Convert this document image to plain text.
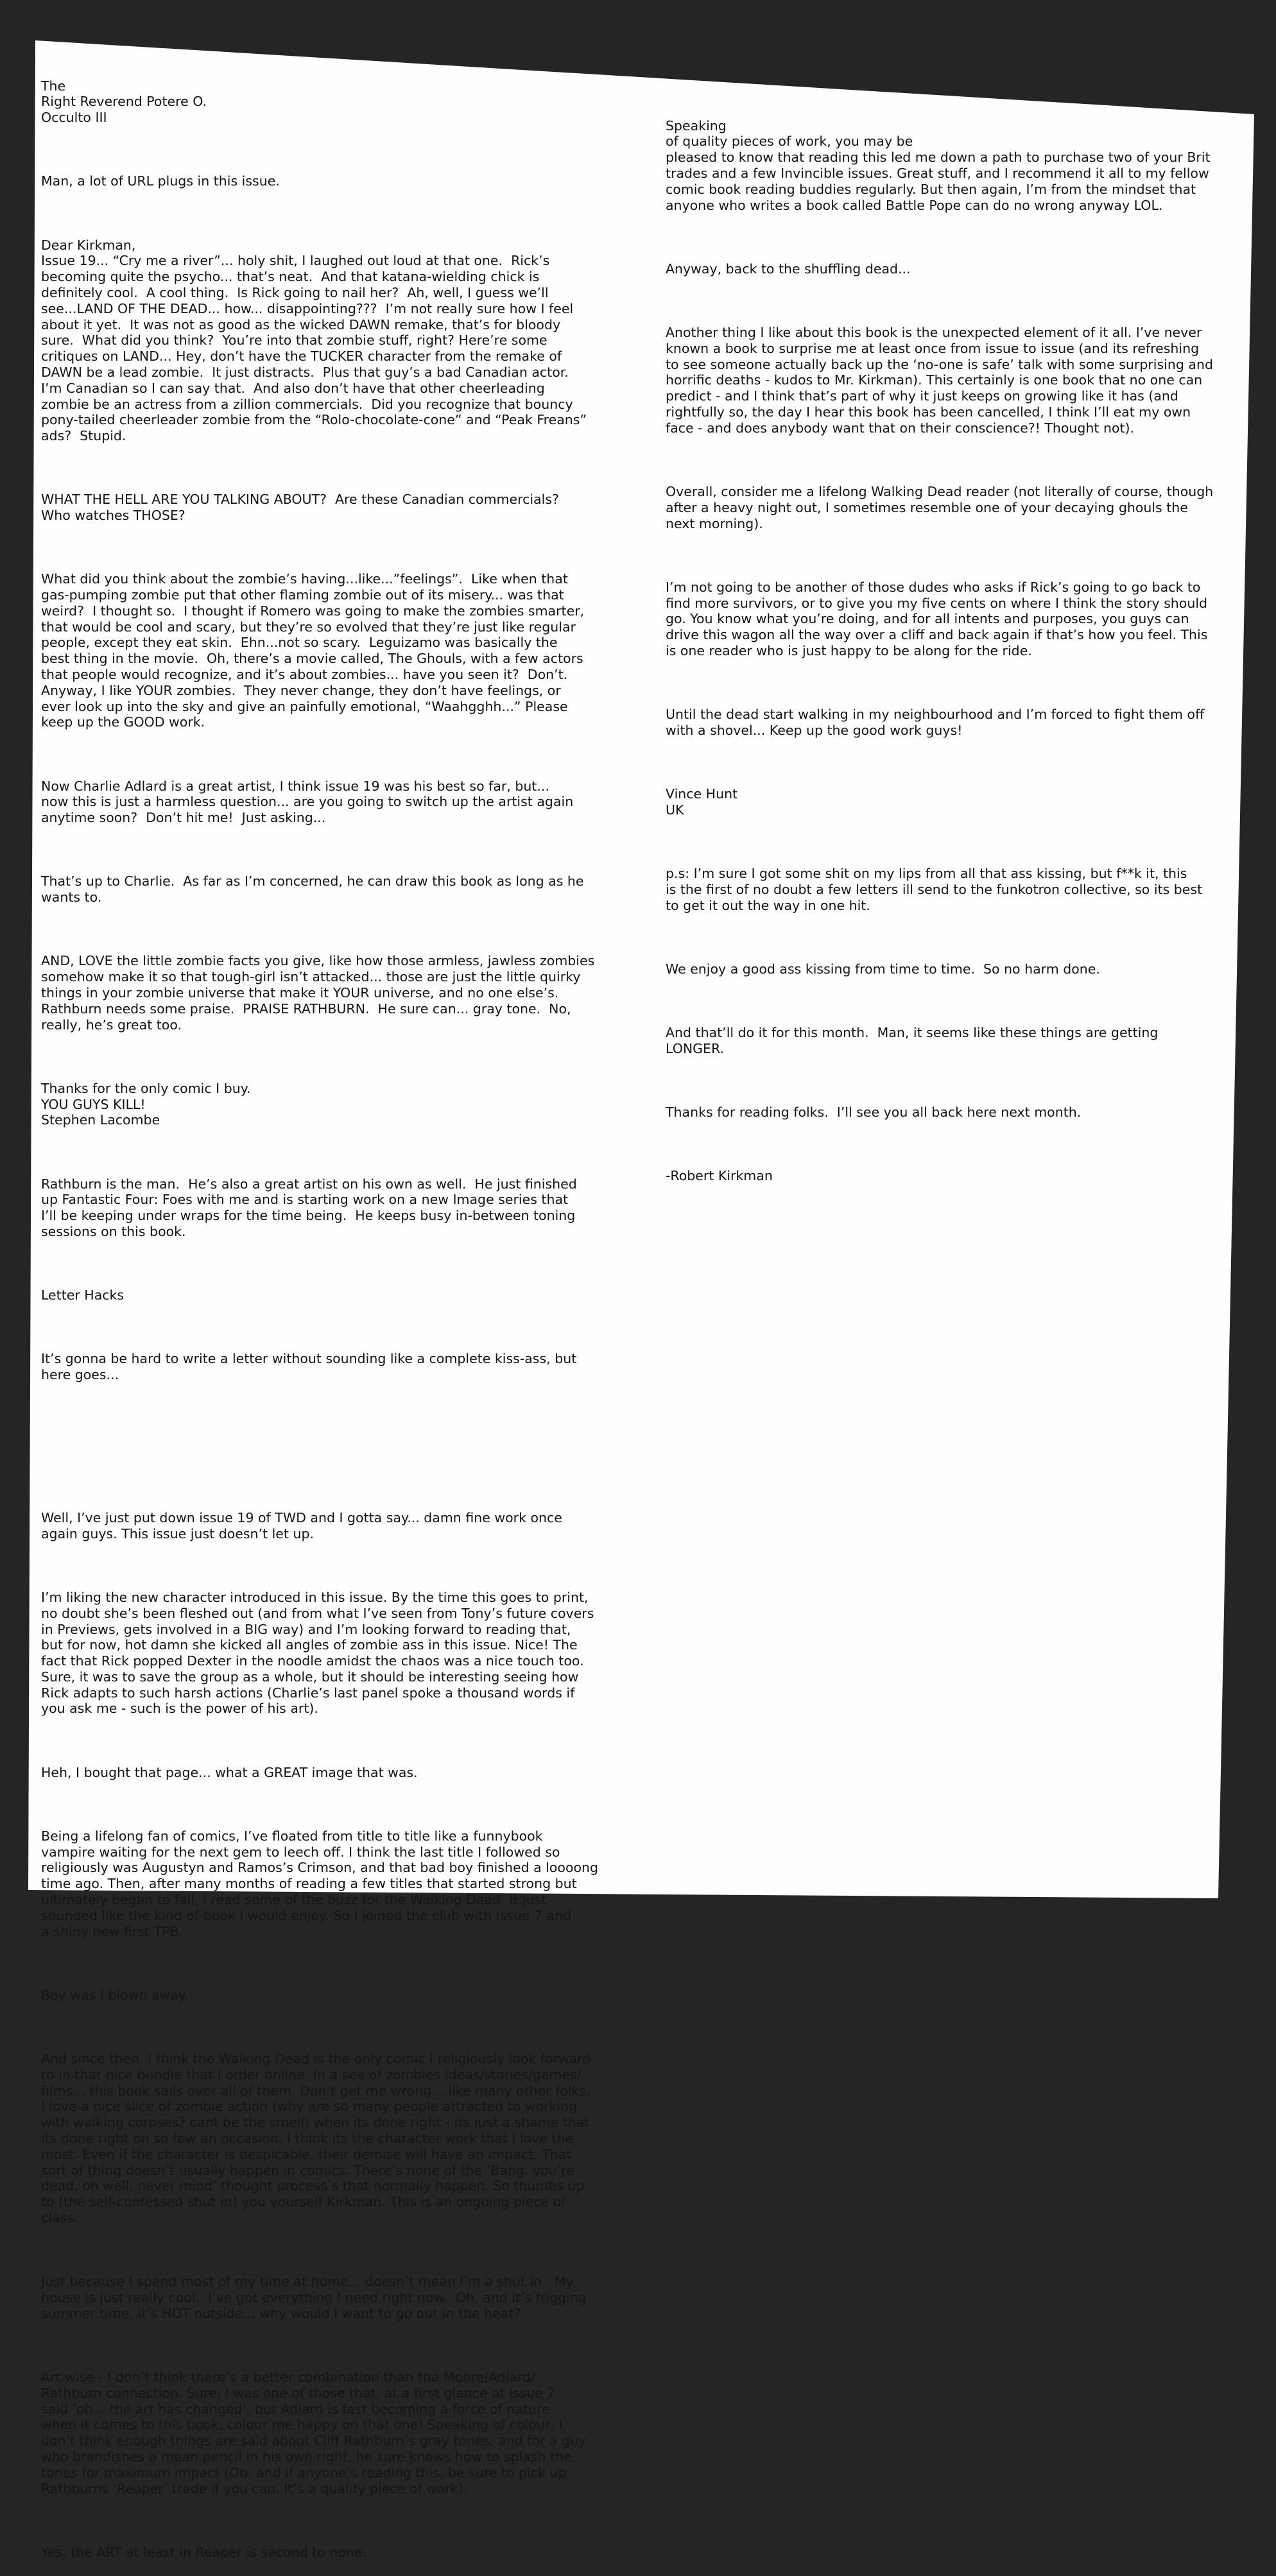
The
Right Reverend Potere O.
Occulto III

Man, a lot of URL plugs in this issue.

Dear Kirkman,
Issue 19... “Cry me a river”... holy shit, I laughed out loud at that one.  Rick’s
becoming quite the psycho... that’s neat.  And that katana-wielding chick is
definitely cool.  A cool thing.  Is Rick going to nail her?  Ah, well, I guess we’ll
see...LAND OF THE DEAD... how... disappointing???  I’m not really sure how I feel
about it yet.  It was not as good as the wicked DAWN remake, that’s for bloody
sure.  What did you think?  You’re into that zombie stuff, right? Here’re some
critiques on LAND... Hey, don’t have the TUCKER character from the remake of
DAWN be a lead zombie.  It just distracts.  Plus that guy’s a bad Canadian actor.
I’m Canadian so I can say that.  And also don’t have that other cheerleading
zombie be an actress from a zillion commercials.  Did you recognize that bouncy
pony-tailed cheerleader zombie from the “Rolo-chocolate-cone” and “Peak Freans”
ads?  Stupid.

WHAT THE HELL ARE YOU TALKING ABOUT?  Are these Canadian commercials?
Who watches THOSE?

What did you think about the zombie’s having...like...”feelings”.  Like when that
gas-pumping zombie put that other flaming zombie out of its misery... was that
weird?  I thought so.  I thought if Romero was going to make the zombies smarter,
that would be cool and scary, but they’re so evolved that they’re just like regular
people, except they eat skin.  Ehn...not so scary.  Leguizamo was basically the
best thing in the movie.  Oh, there’s a movie called, The Ghouls, with a few actors
that people would recognize, and it’s about zombies... have you seen it?  Don’t.
Anyway, I like YOUR zombies.  They never change, they don’t have feelings, or
ever look up into the sky and give an painfully emotional, “Waahgghh...” Please
keep up the GOOD work.

Now Charlie Adlard is a great artist, I think issue 19 was his best so far, but...
now this is just a harmless question... are you going to switch up the artist again
anytime soon?  Don’t hit me!  Just asking...

That’s up to Charlie.  As far as I’m concerned, he can draw this book as long as he
wants to.

AND, LOVE the little zombie facts you give, like how those armless, jawless zombies
somehow make it so that tough-girl isn’t attacked... those are just the little quirky
things in your zombie universe that make it YOUR universe, and no one else’s.
Rathburn needs some praise.  PRAISE RATHBURN.  He sure can... gray tone.  No,
really, he’s great too.

Thanks for the only comic I buy.
YOU GUYS KILL!
Stephen Lacombe

Rathburn is the man.  He’s also a great artist on his own as well.  He just finished
up Fantastic Four: Foes with me and is starting work on a new Image series that
I’ll be keeping under wraps for the time being.  He keeps busy in-between toning
sessions on this book.

Letter Hacks

It’s gonna be hard to write a letter without sounding like a complete kiss-ass, but
here goes...

Well, I’ve just put down issue 19 of TWD and I gotta say... damn fine work once
again guys. This issue just doesn’t let up.

I’m liking the new character introduced in this issue. By the time this goes to print,
no doubt she’s been fleshed out (and from what I’ve seen from Tony’s future covers
in Previews, gets involved in a BIG way) and I’m looking forward to reading that,
but for now, hot damn she kicked all angles of zombie ass in this issue. Nice! The
fact that Rick popped Dexter in the noodle amidst the chaos was a nice touch too.
Sure, it was to save the group as a whole, but it should be interesting seeing how
Rick adapts to such harsh actions (Charlie’s last panel spoke a thousand words if
you ask me - such is the power of his art).

Heh, I bought that page... what a GREAT image that was.

Being a lifelong fan of comics, I’ve floated from title to title like a funnybook
vampire waiting for the next gem to leech off. I think the last title I followed so
religiously was Augustyn and Ramos’s Crimson, and that bad boy finished a loooong
time ago. Then, after many months of reading a few titles that started strong but
ultimately began to fall, I read some of the buzz for the Walking Dead. It just
sounded like the kind of book I would enjoy. So I joined the club with Issue 7 and
a shiny new first TPB.

Boy was I blown away.

And since then, I think the Walking Dead is the only comic I religiously look forward
to in that nice bundle that I order online. In a sea of zombies ideas/stories/games/
films... this book sails over all of them. Don’t get me wrong... like many other folks,
I love a nice slice of zombie action (why are so many people attracted to working
with walking corpses? cant be the smell) when its done right - its just a shame that
its done right on so few an occasion. I think its the character work that I love the
most. Even if the character is despicable, their demise will have an impact. That
sort of thing doesn’t usually happen in comics. There’s none of the ‘Bang. you’re
dead. oh well, never mind’ thought process’s that normally happen. So thumbs up
to (the self-confessed shut in) you yourself Kirkman. This is an ongoing piece of
class.

Just because I spend most of my time at home... doesn’t mean I’m a shut in.  My
house is just really cool.  I’ve got everything I need right now.  Oh, and it’s frigging
summer time, it’s HOT outside... why would I want to go out in the heat?

Art wise - I don’t think there’s a better combination than the Moore/Adlard/
Rathburn connection. Sure, I was one of those that, at a first glance at issue 7
said ‘oh... the art has changed’, but Adlard is fast becoming a force of nature
when it comes to this book, colour me happy on that one! Speaking of colour, I
don’t think enough things are said about Cliff Rathburn’s gray tones, and for a guy
who brandishes a mean pencil in his own right, he sure knows how to splash the
tones for maximum impact (Oh, and if anyone’s reading this, be sure to pick up
Rathburns ‘Reaper’ trade if you can. It’s a quality piece of work).

Yes, the ART at least in Reaper is second to none.

Speaking
of quality pieces of work, you may be
pleased to know that reading this led me down a path to purchase two of your Brit
trades and a few Invincible issues. Great stuff, and I recommend it all to my fellow
comic book reading buddies regularly. But then again, I’m from the mindset that
anyone who writes a book called Battle Pope can do no wrong anyway LOL.

Anyway, back to the shuffling dead...

Another thing I like about this book is the unexpected element of it all. I’ve never
known a book to surprise me at least once from issue to issue (and its refreshing
to see someone actually back up the ‘no-one is safe’ talk with some surprising and
horrific deaths - kudos to Mr. Kirkman). This certainly is one book that no one can
predict - and I think that’s part of why it just keeps on growing like it has (and
rightfully so, the day I hear this book has been cancelled, I think I’ll eat my own
face - and does anybody want that on their conscience?! Thought not).

Overall, consider me a lifelong Walking Dead reader (not literally of course, though
after a heavy night out, I sometimes resemble one of your decaying ghouls the
next morning).

I’m not going to be another of those dudes who asks if Rick’s going to go back to
find more survivors, or to give you my five cents on where I think the story should
go. You know what you’re doing, and for all intents and purposes, you guys can
drive this wagon all the way over a cliff and back again if that’s how you feel. This
is one reader who is just happy to be along for the ride.

Until the dead start walking in my neighbourhood and I’m forced to fight them off
with a shovel... Keep up the good work guys!

Vince Hunt
UK

p.s: I’m sure I got some shit on my lips from all that ass kissing, but f**k it, this
is the first of no doubt a few letters ill send to the funkotron collective, so its best
to get it out the way in one hit.

We enjoy a good ass kissing from time to time.  So no harm done.

And that’ll do it for this month.  Man, it seems like these things are getting
LONGER.

Thanks for reading folks.  I’ll see you all back here next month.

-Robert Kirkman
